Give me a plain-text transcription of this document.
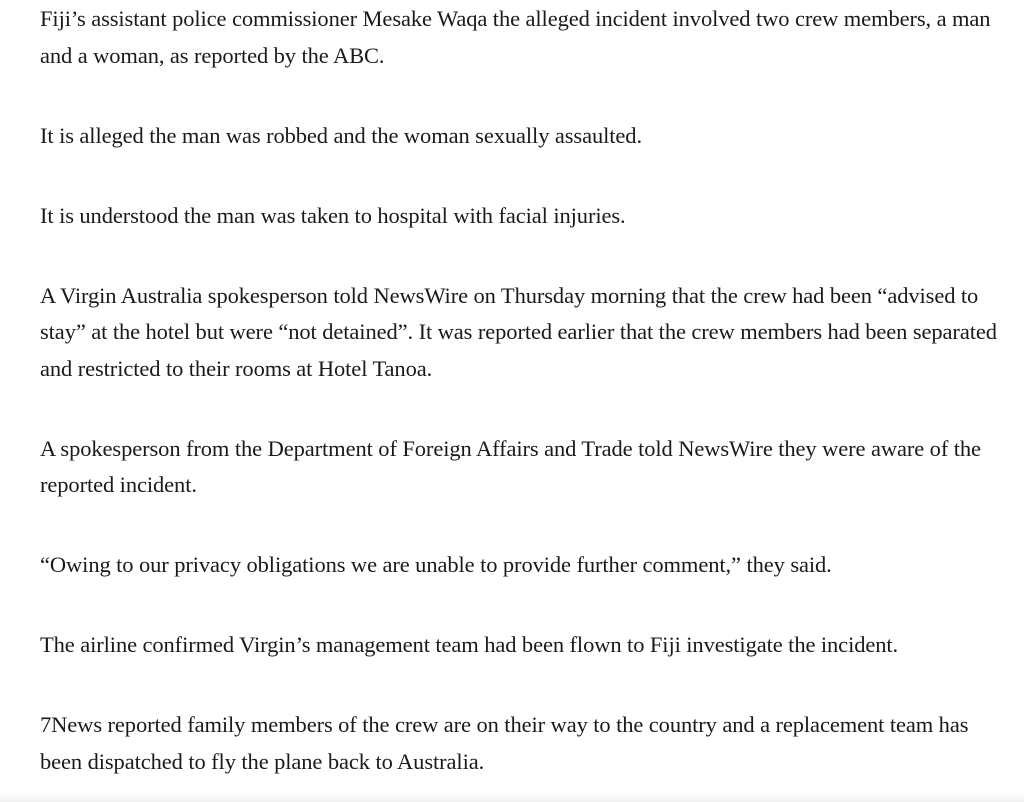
Fiji’s assistant police commissioner Mesake Waqa the alleged incident involved two crew members, a man and a woman, as reported by the ABC.

It is alleged the man was robbed and the woman sexually assaulted.

It is understood the man was taken to hospital with facial injuries.

A Virgin Australia spokesperson told NewsWire on Thursday morning that the crew had been “advised to stay” at the hotel but were “not detained”. It was reported earlier that the crew members had been separated and restricted to their rooms at Hotel Tanoa.

A spokesperson from the Department of Foreign Affairs and Trade told NewsWire they were aware of the reported incident.

“Owing to our privacy obligations we are unable to provide further comment,” they said.

The airline confirmed Virgin’s management team had been flown to Fiji investigate the incident.

7News reported family members of the crew are on their way to the country and a replacement team has been dispatched to fly the plane back to Australia.
